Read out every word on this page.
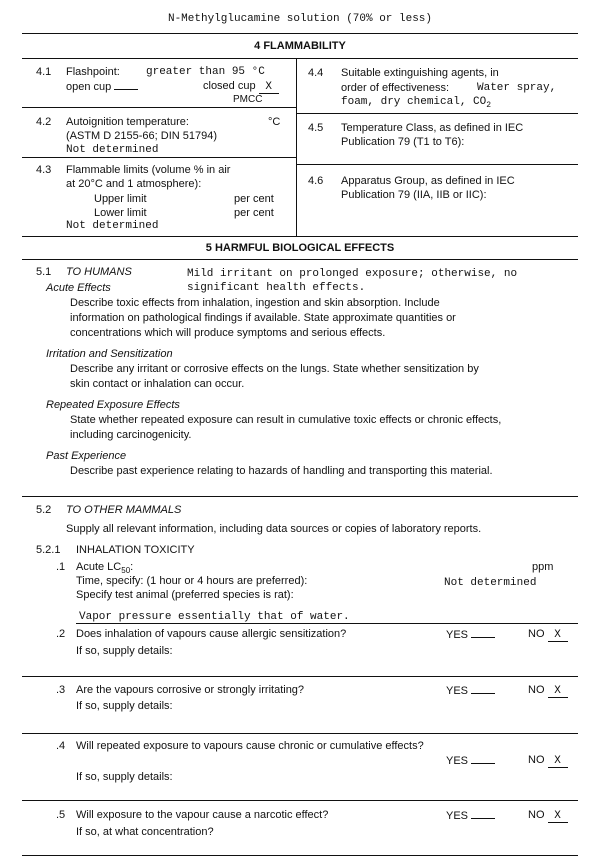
N-Methylglucamine solution (70% or less)
4 FLAMMABILITY
4.1 Flashpoint: greater than 95 °C
open cup	closed cup X
PMCC
4.2 Autoignition temperature:	°C
(ASTM D 2155-66; DIN 51794)
Not determined
4.3 Flammable limits (volume % in air
at 20°C and 1 atmosphere):
Upper limit	per cent
Lower limit	per cent
Not determined
4.4 Suitable extinguishing agents, in
order of effectiveness:	Water spray,
foam, dry chemical, $CO_2$
4.5 Temperature Class, as defined in IEC
Publication 79 (T1 to T6):
4.6 Apparatus Group, as defined in IEC
Publication 79 (IIA, IIB or IIC):
5 HARMFUL BIOLOGICAL EFFECTS
5.1 TO HUMANS	Mild irritant on prolonged exposure; otherwise, no
significant health effects.
Acute Effects
Describe toxic effects from inhalation, ingestion and skin absorption. Include
information on pathological findings if available. State approximate quantities or
concentrations which will produce symptoms and serious effects.
Irritation and Sensitization
Describe any irritant or corrosive effects on the lungs. State whether sensitization by
skin contact or inhalation can occur.
Repeated Exposure Effects
State whether repeated exposure can result in cumulative toxic effects or chronic effects,
including carcinogenicity.
Past Experience
Describe past experience relating to hazards of handling and transporting this material.
5.2 TO OTHER MAMMALS
Supply all relevant information, including data sources or copies of laboratory reports.
5.2.1 INHALATION TOXICITY
.1 Acute $LC_{50}$:	ppm
Time, specify: (1 hour or 4 hours are preferred):	Not determined
Specify test animal (preferred species is rat):
Vapor pressure essentially that of water.
.2 Does inhalation of vapours cause allergic sensitization?	YES	NO X
If so, supply details:
.3 Are the vapours corrosive or strongly irritating?	YES	NO X
If so, supply details:
.4 Will repeated exposure to vapours cause chronic or cumulative effects?
YES	NO X
If so, supply details:
.5 Will exposure to the vapour cause a narcotic effect?	YES	NO X
If so, at what concentration?
